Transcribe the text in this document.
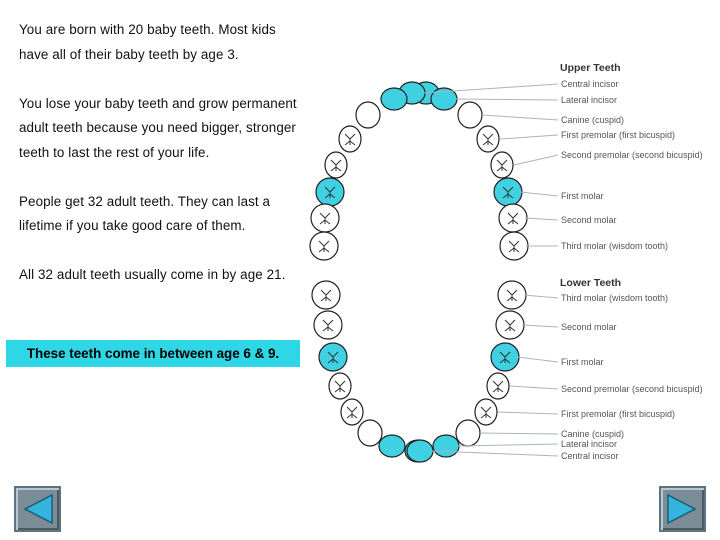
You are born with 20 baby teeth. Most kids have all of their baby teeth by age 3.
You lose your baby teeth and grow permanent adult teeth because you need bigger, stronger teeth to last the rest of your life.
People get 32 adult teeth. They can last a lifetime if you take good care of them.
All 32 adult teeth usually come in by age 21.
These teeth come in between age 6 & 9.
Upper Teeth
Lower Teeth
Central incisor
Lateral incisor
Canine (cuspid)
First premolar (first bicuspid)
Second premolar (second bicuspid)
First molar
Second molar
Third molar (wisdom tooth)
Third molar (wisdom tooth)
Second molar
First molar
Second premolar (second bicuspid)
First premolar (first bicuspid)
Canine (cuspid)
Lateral incisor
Central incisor
